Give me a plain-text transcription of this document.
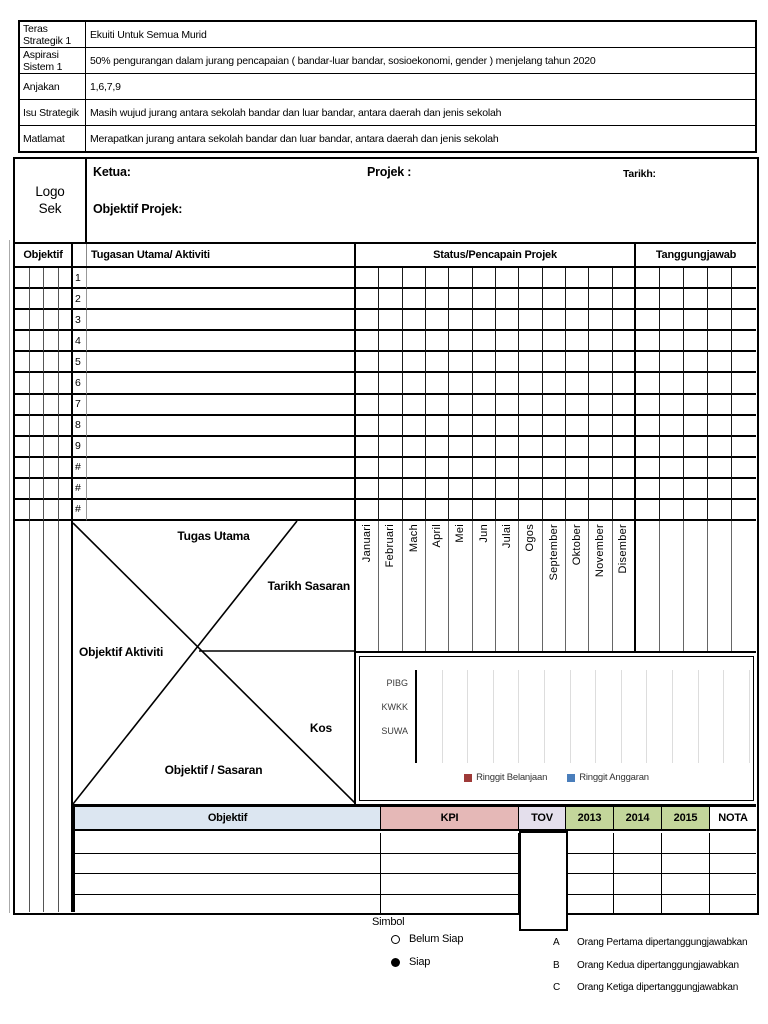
Teras Strategik 1	Ekuiti Untuk Semua Murid
Aspirasi Sistem 1	50% pengurangan dalam jurang pencapaian ( bandar-luar bandar, sosioekonomi, gender ) menjelang tahun 2020
Anjakan	1,6,7,9
Isu Strategik	Masih wujud jurang antara sekolah bandar dan luar bandar, antara daerah dan jenis sekolah
Matlamat	Merapatkan jurang antara sekolah bandar dan luar bandar, antara daerah dan jenis sekolah
Logo
Sek
Ketua:	Projek :	Tarikh:
Objektif Projek:
Objektif	Tugasan Utama/ Aktiviti	Status/Pencapain Projek	Tanggungjawab
1
2
3
4
5
6
7
8
9
#
#
#
Tugas Utama
Tarikh Sasaran
Objektif Aktiviti
Kos
Objektif / Sasaran
Januari Februari Mach April Mei Jun Julai Ogos September Oktober November Disember
PIBG
KWKK
SUWA
Ringgit Belanjaan	Ringgit Anggaran
Objektif	KPI	TOV	2013	2014	2015	NOTA
Simbol
Belum Siap
Siap
A	Orang Pertama dipertanggungjawabkan
B	Orang Kedua dipertanggungjawabkan
C Orang Ketiga dipertanggungjawabkan
